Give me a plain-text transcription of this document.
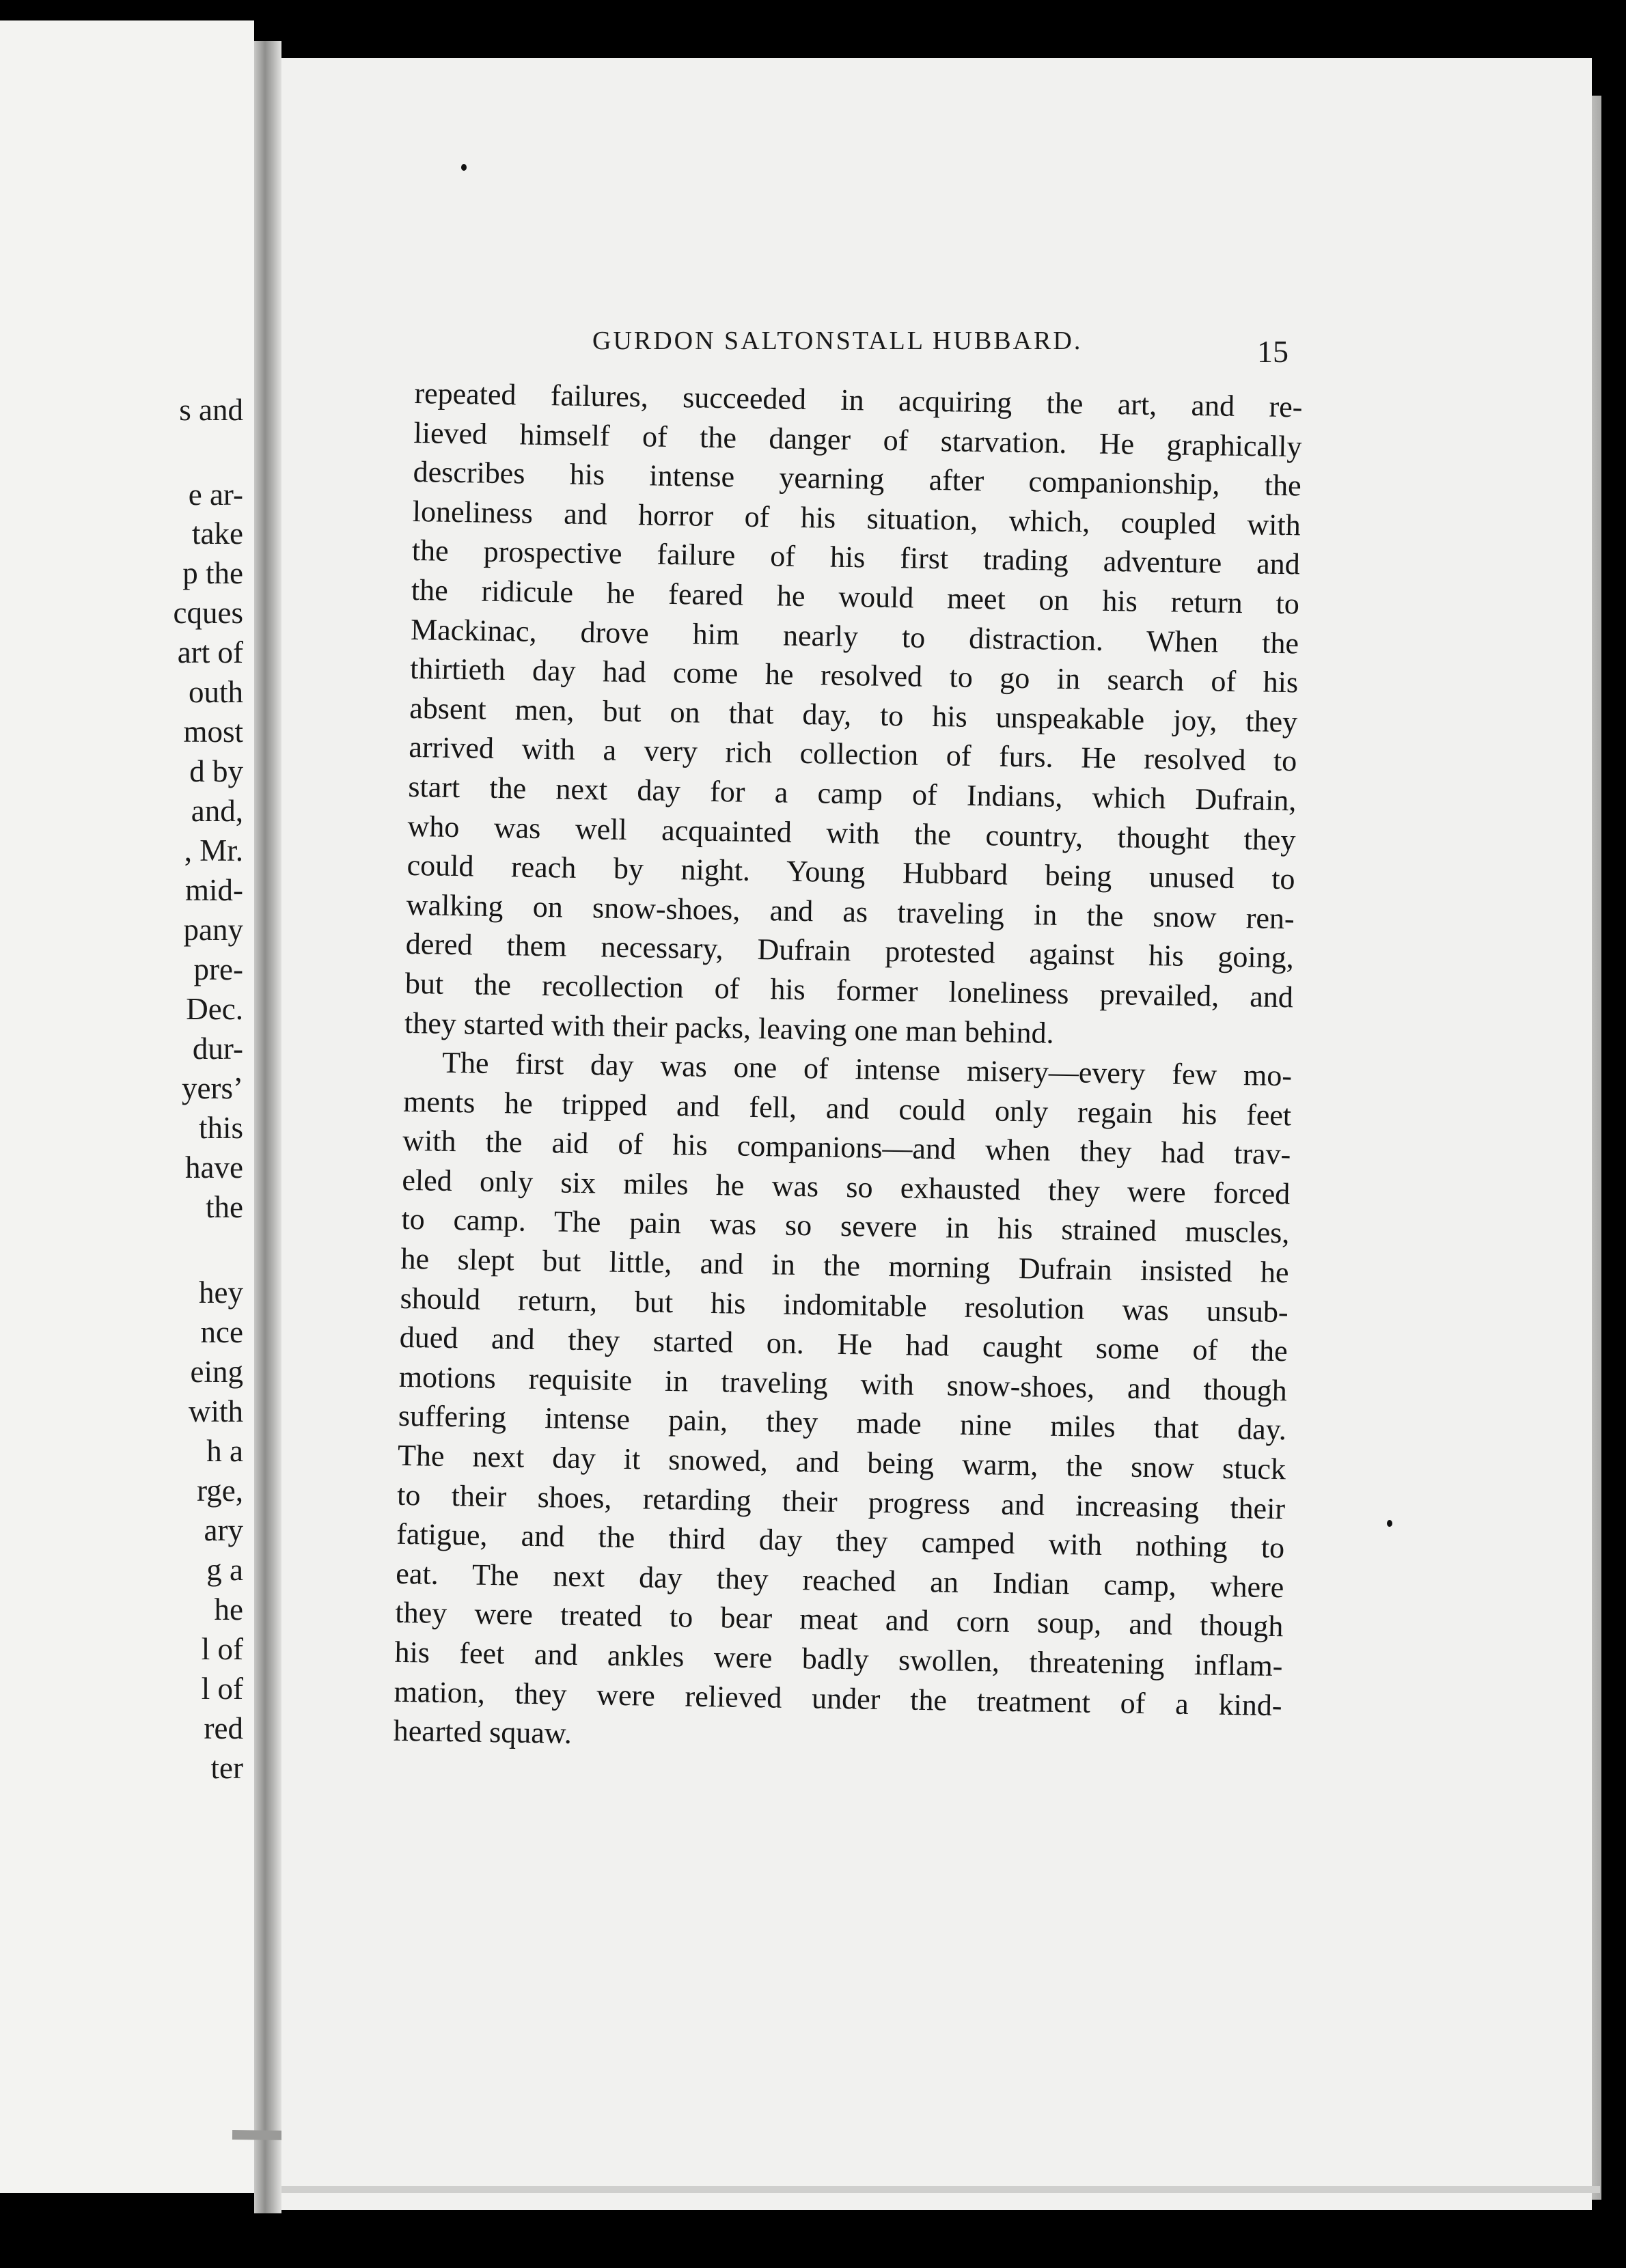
s and
e ar-
take
p the
cques
art of
outh
most
d by
and,
, Mr.
mid-
pany
pre-
Dec.
dur-
yers’
this
have
the
hey
nce
eing
with
h a
rge,
ary
g a
he
l of
l of
red
ter
GURDON SALTONSTALL HUBBARD.	15
repeated failures, succeeded in acquiring the art, and re-
lieved himself of the danger of starvation. He graphically
describes his intense yearning after companionship, the
loneliness and horror of his situation, which, coupled with
the prospective failure of his first trading adventure and
the ridicule he feared he would meet on his return to
Mackinac, drove him nearly to distraction. When the
thirtieth day had come he resolved to go in search of his
absent men, but on that day, to his unspeakable joy, they
arrived with a very rich collection of furs. He resolved to
start the next day for a camp of Indians, which Dufrain,
who was well acquainted with the country, thought they
could reach by night. Young Hubbard being unused to
walking on snow-shoes, and as traveling in the snow ren-
dered them necessary, Dufrain protested against his going,
but the recollection of his former loneliness prevailed, and
they started with their packs, leaving one man behind.
The first day was one of intense misery—every few mo-
ments he tripped and fell, and could only regain his feet
with the aid of his companions—and when they had trav-
eled only six miles he was so exhausted they were forced
to camp. The pain was so severe in his strained muscles,
he slept but little, and in the morning Dufrain insisted he
should return, but his indomitable resolution was unsub-
dued and they started on. He had caught some of the
motions requisite in traveling with snow-shoes, and though
suffering intense pain, they made nine miles that day.
The next day it snowed, and being warm, the snow stuck
to their shoes, retarding their progress and increasing their
fatigue, and the third day they camped with nothing to
eat. The next day they reached an Indian camp, where
they were treated to bear meat and corn soup, and though
his feet and ankles were badly swollen, threatening inflam-
mation, they were relieved under the treatment of a kind-
hearted squaw.
